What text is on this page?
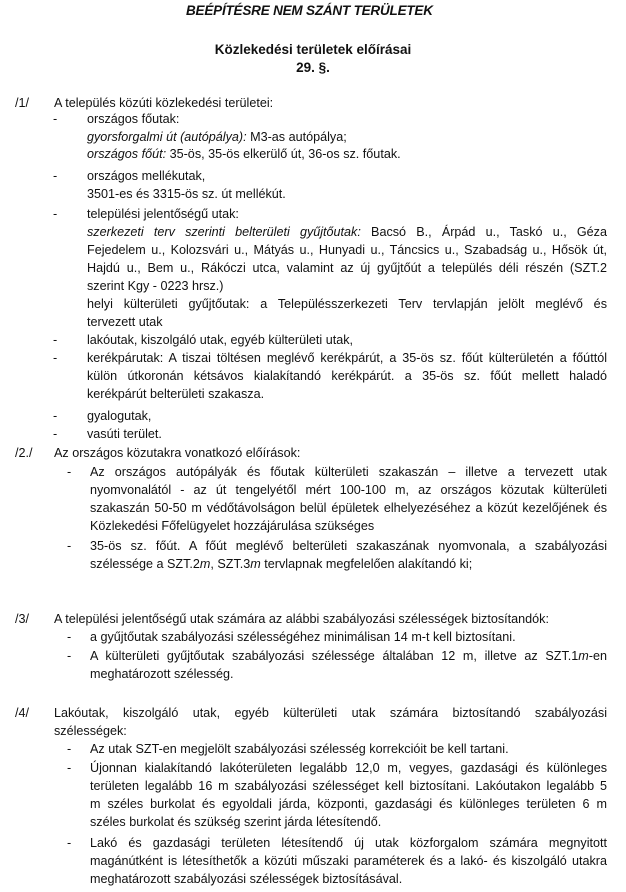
BEÉPÍTÉSRE NEM SZÁNT TERÜLETEK
Közlekedési területek előírásai
29. §.
/1/ A település közúti közlekedési területei:
- országos főutak:
gyorsforgalmi út (autópálya): M3-as autópálya;
országos főút: 35-ös, 35-ös elkerülő út, 36-os sz. főutak.
- országos mellékutak,
3501-es és 3315-ös sz. út mellékút.
- települési jelentőségű utak:
szerkezeti terv szerinti belterületi gyűjtőutak: Bacsó B., Árpád u., Taskó u., Géza
Fejedelem u., Kolozsvári u., Mátyás u., Hunyadi u., Táncsics u., Szabadság u., Hősök út,
Hajdú u., Bem u., Rákóczi utca, valamint az új gyűjtőút a település déli részén (SZT.2
szerint Kgy - 0223 hrsz.)
helyi külterületi gyűjtőutak: a Településszerkezeti Terv tervlapján jelölt meglévő és
tervezett utak
- lakóutak, kiszolgáló utak, egyéb külterületi utak,
- kerékpárutak: A tiszai töltésen meglévő kerékpárút, a 35-ös sz. főút külterületén a főúttól
külön útkoronán kétsávos kialakítandó kerékpárút. a 35-ös sz. főút mellett haladó
kerékpárút belterületi szakasza.
- gyalogutak,
- vasúti terület.
/2./ Az országos közutakra vonatkozó előírások:
- Az országos autópályák és főutak külterületi szakaszán – illetve a tervezett utak
nyomvonalától - az út tengelyétől mért 100-100 m, az országos közutak külterületi
szakaszán 50-50 m védőtávolságon belül épületek elhelyezéséhez a közút kezelőjének és
Közlekedési Főfelügyelet hozzájárulása szükséges
- 35-ös sz. főút. A főút meglévő belterületi szakaszának nyomvonala, a szabályozási
szélessége a SZT.2m, SZT.3m tervlapnak megfelelően alakítandó ki;
/3/ A települési jelentőségű utak számára az alábbi szabályozási szélességek biztosítandók:
- a gyűjtőutak szabályozási szélességéhez minimálisan 14 m-t kell biztosítani.
- A külterületi gyűjtőutak szabályozási szélessége általában 12 m, illetve az SZT.1m-en
meghatározott szélesség.
/4/ Lakóutak, kiszolgáló utak, egyéb külterületi utak számára biztosítandó szabályozási
szélességek:
- Az utak SZT-en megjelölt szabályozási szélesség korrekcióit be kell tartani.
- Újonnan kialakítandó lakóterületen legalább 12,0 m, vegyes, gazdasági és különleges
területen legalább 16 m szabályozási szélességet kell biztosítani. Lakóutakon legalább 5
m széles burkolat és egyoldali járda, központi, gazdasági és különleges területen 6 m
széles burkolat és szükség szerint járda létesítendő.
- Lakó és gazdasági területen létesítendő új utak közforgalom számára megnyitott
magánútként is létesíthetők a közúti műszaki paraméterek és a lakó- és kiszolgáló utakra
meghatározott szabályozási szélességek biztosításával.
